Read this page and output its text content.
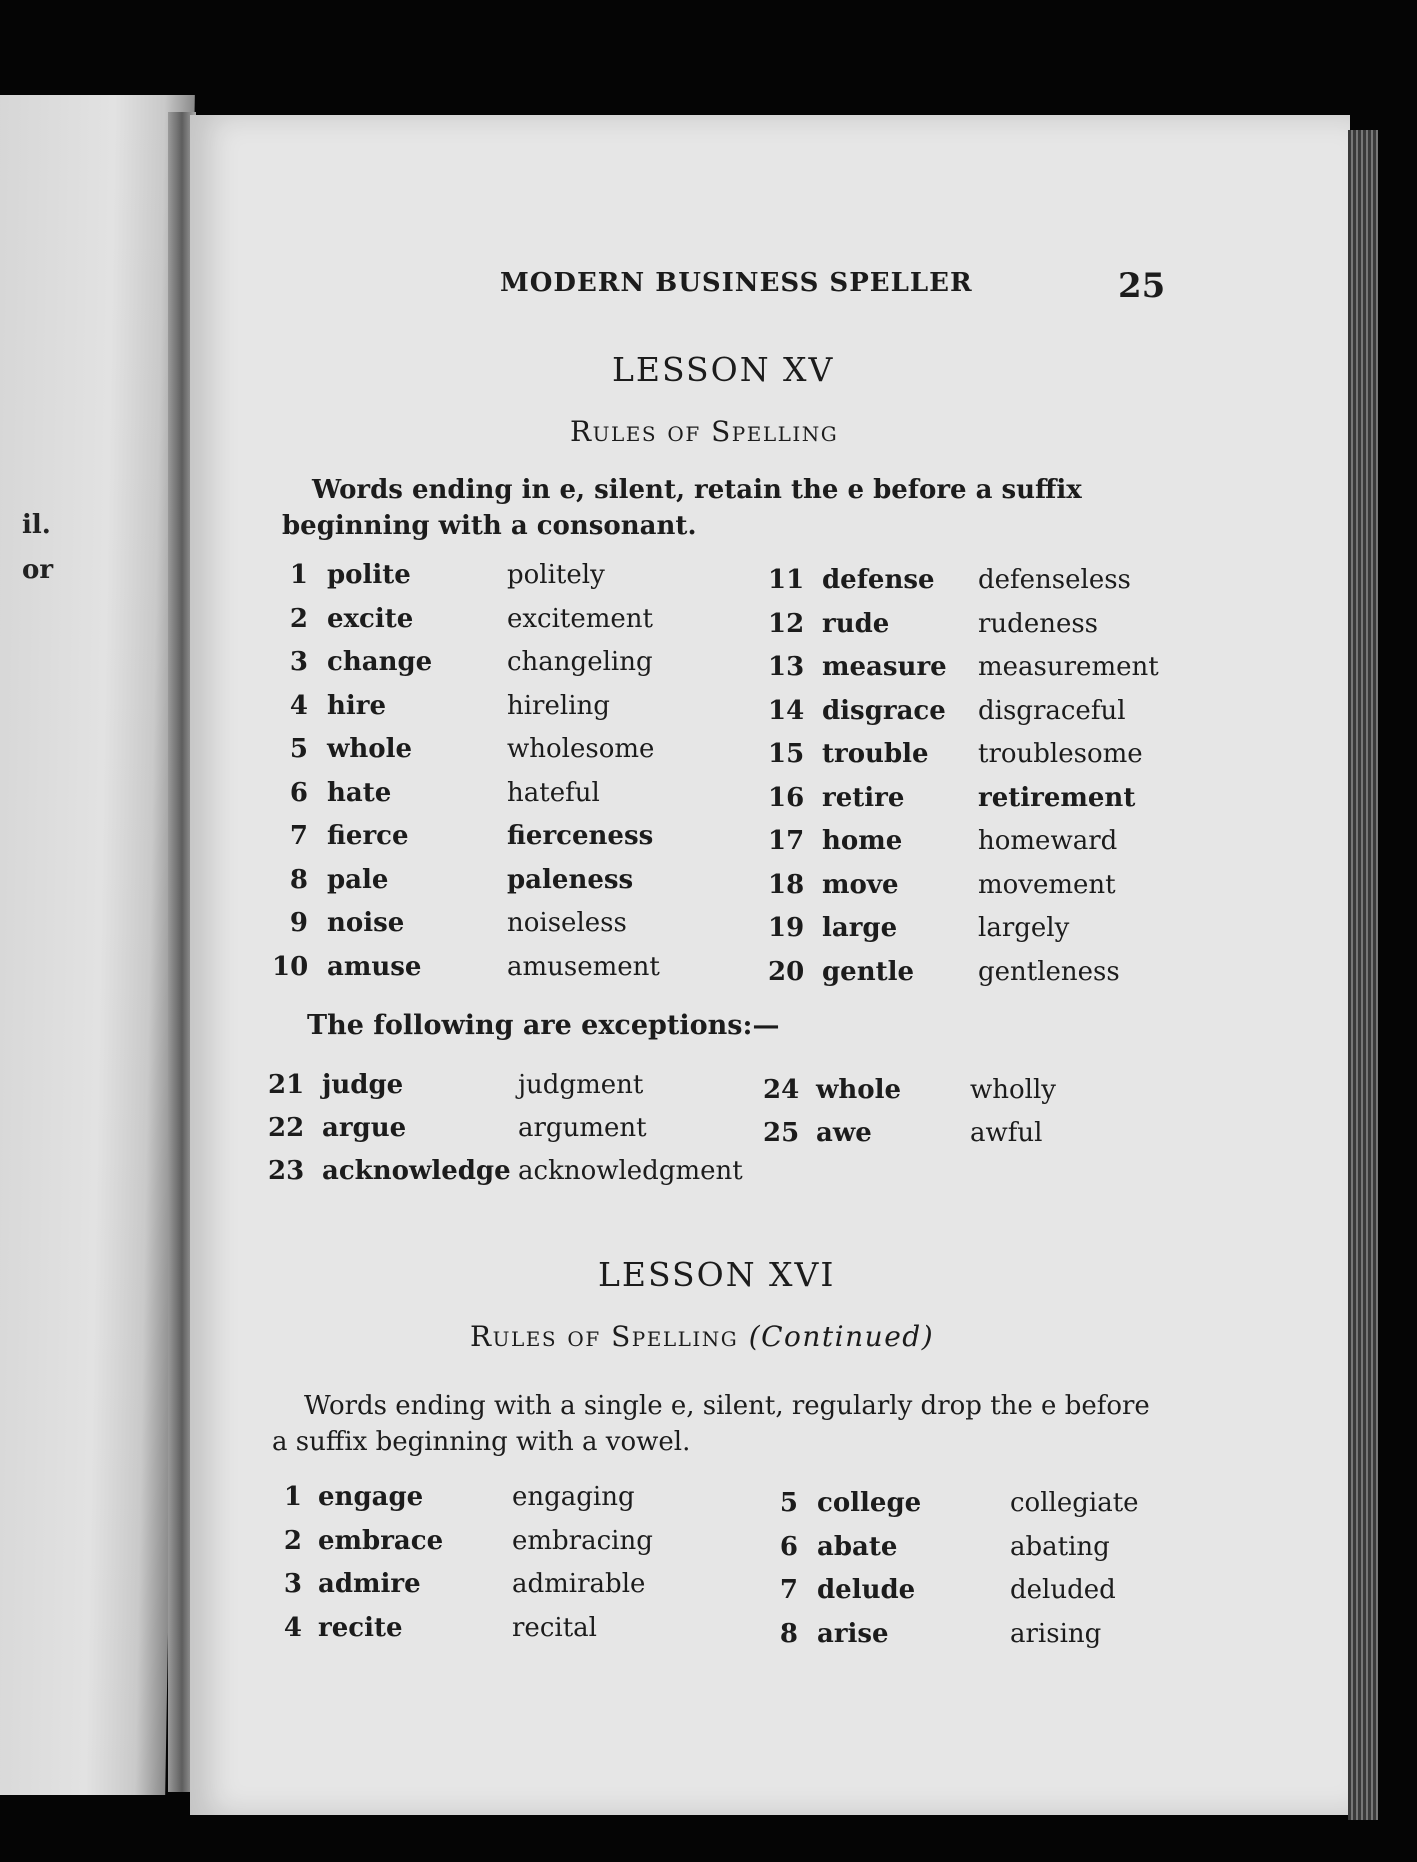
il.
or
MODERN BUSINESS SPELLER	25
LESSON XV
Rules of Spelling
Words ending in e, silent, retain the e before a suffix beginning with a consonant.
1 polite	politely
2 excite	excitement
3 change	changeling
4 hire	hireling
5 whole	wholesome
6 hate	hateful
7 fierce	fierceness
8 pale	paleness
9 noise	noiseless
10 amuse	amusement
11 defense defenseless
12 rude	rudeness
13 measure measurement
14 disgrace disgraceful
15 trouble troublesome
16 retire	retirement
17 home	homeward
18 move	movement
19 large	largely
20 gentle gentleness
The following are exceptions:—
21 judge	judgment
22 argue	argument
23 acknowledge acknowledgment
24 whole	wholly
25 awe	awful
LESSON XVI
Rules of Spelling (Continued)
Words ending with a single e, silent, regularly drop the e before a suffix beginning with a vowel.
1 engage	engaging
2 embrace	embracing
3 admire	admirable
4 recite	recital
5 college	collegiate
6 abate	abating
7 delude	deluded
8 arise	arising
